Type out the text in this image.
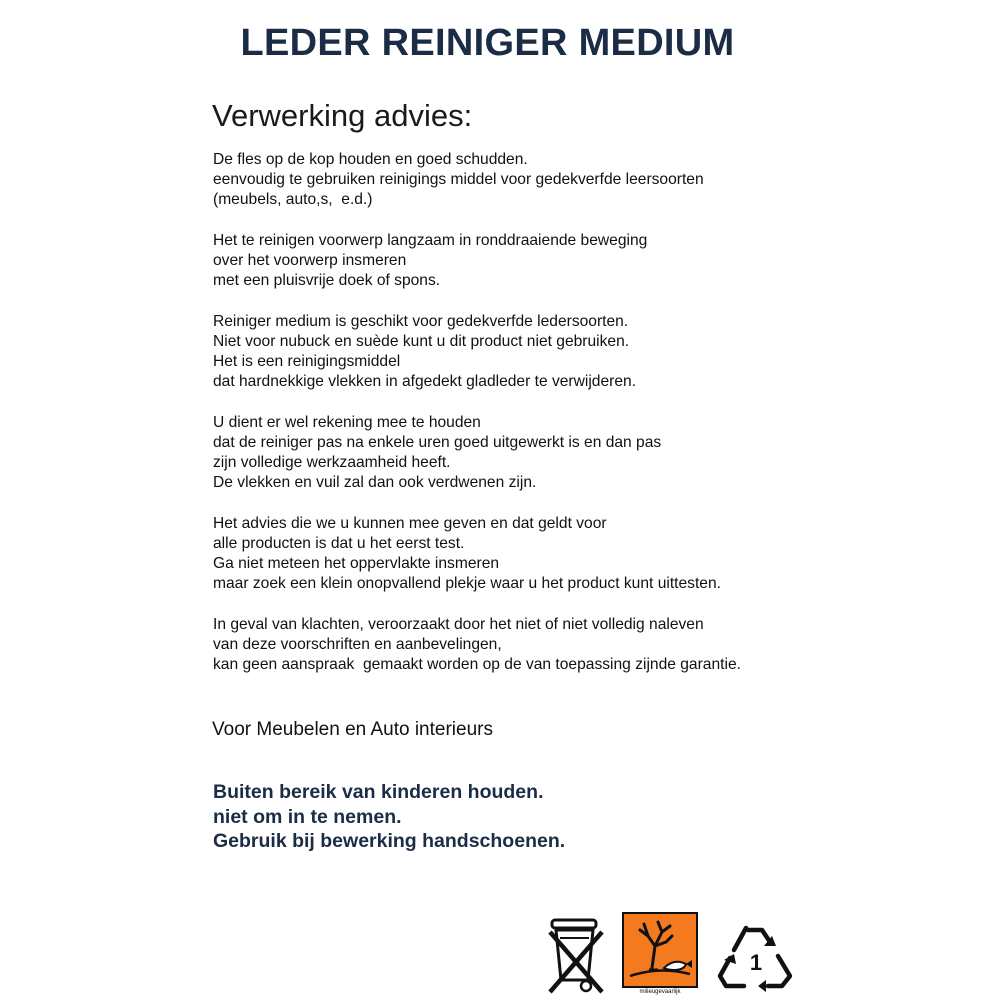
LEDER REINIGER MEDIUM
Verwerking advies:

De fles op de kop houden en goed schudden.
eenvoudig te gebruiken reinigings middel voor gedekverfde leersoorten
(meubels, auto,s,  e.d.)

Het te reinigen voorwerp langzaam in ronddraaiende beweging
over het voorwerp insmeren
met een pluisvrije doek of spons.

Reiniger medium is geschikt voor gedekverfde ledersoorten.
Niet voor nubuck en suède kunt u dit product niet gebruiken.
Het is een reinigingsmiddel
dat hardnekkige vlekken in afgedekt gladleder te verwijderen.

U dient er wel rekening mee te houden
dat de reiniger pas na enkele uren goed uitgewerkt is en dan pas
zijn volledige werkzaamheid heeft.
De vlekken en vuil zal dan ook verdwenen zijn.

Het advies die we u kunnen mee geven en dat geldt voor
alle producten is dat u het eerst test.
Ga niet meteen het oppervlakte insmeren
maar zoek een klein onopvallend plekje waar u het product kunt uittesten.

In geval van klachten, veroorzaakt door het niet of niet volledig naleven
van deze voorschriften en aanbevelingen,
kan geen aanspraak  gemaakt worden op de van toepassing zijnde garantie.

Voor Meubelen en Auto interieurs
Buiten bereik van kinderen houden.
niet om in te nemen.
Gebruik bij bewerking handschoenen.
milieugevaarlijk
1
